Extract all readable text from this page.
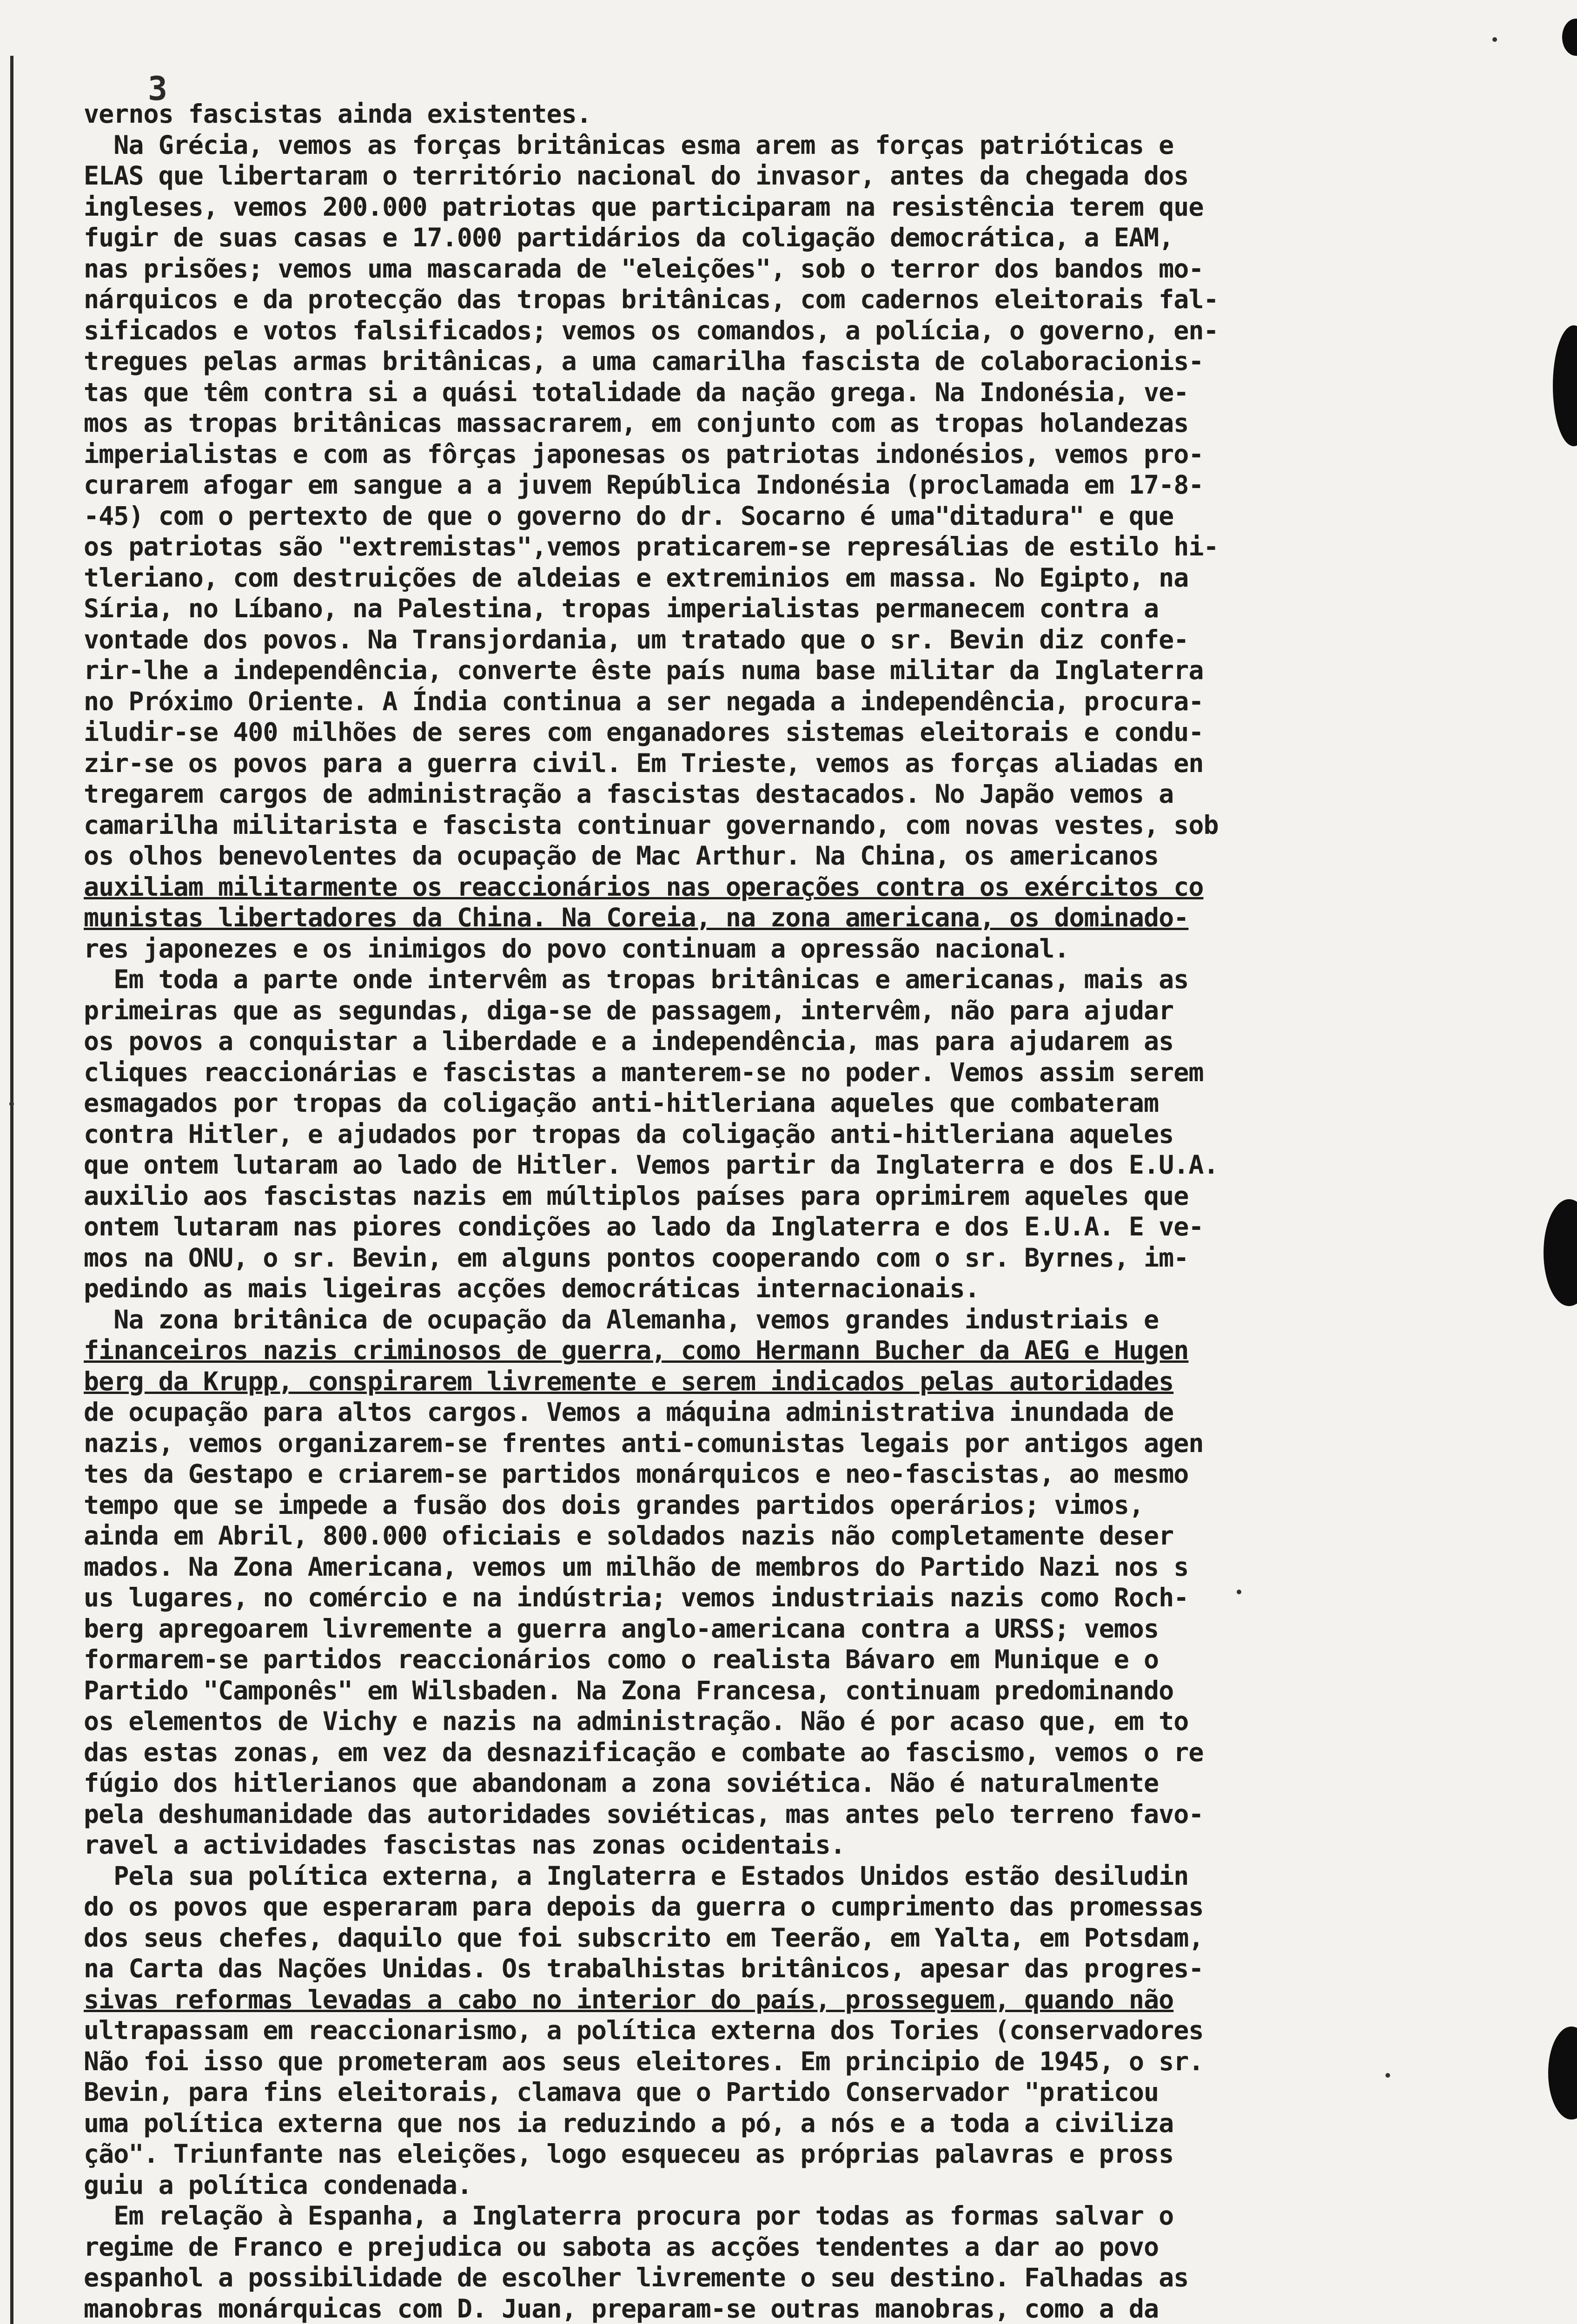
3
vernos fascistas ainda existentes.
Na Grécia, vemos as forças britânicas esma arem as forças patrióticas e
ELAS que libertaram o território nacional do invasor, antes da chegada dos
ingleses, vemos 200.000 patriotas que participaram na resistência terem que
fugir de suas casas e 17.000 partidários da coligação democrática, a EAM,
nas prisões; vemos uma mascarada de "eleições", sob o terror dos bandos mo-
nárquicos e da protecção das tropas britânicas, com cadernos eleitorais fal-
sificados e votos falsificados; vemos os comandos, a polícia, o governo, en-
tregues pelas armas britânicas, a uma camarilha fascista de colaboracionis-
tas que têm contra si a quási totalidade da nação grega. Na Indonésia, ve-
mos as tropas britânicas massacrarem, em conjunto com as tropas holandezas
imperialistas e com as fôrças japonesas os patriotas indonésios, vemos pro-
curarem afogar em sangue a a juvem República Indonésia (proclamada em 17-8-
-45) com o pertexto de que o governo do dr. Socarno é uma"ditadura" e que
os patriotas são "extremistas",vemos praticarem-se represálias de estilo hi-
tleriano, com destruições de aldeias e extreminios em massa. No Egipto, na
Síria, no Líbano, na Palestina, tropas imperialistas permanecem contra a
vontade dos povos. Na Transjordania, um tratado que o sr. Bevin diz confe-
rir-lhe a independência, converte êste país numa base militar da Inglaterra
no Próximo Oriente. A Índia continua a ser negada a independência, procura-
iludir-se 400 milhões de seres com enganadores sistemas eleitorais e condu-
zir-se os povos para a guerra civil. Em Trieste, vemos as forças aliadas en
tregarem cargos de administração a fascistas destacados. No Japão vemos a
camarilha militarista e fascista continuar governando, com novas vestes, sob
os olhos benevolentes da ocupação de Mac Arthur. Na China, os americanos
auxiliam militarmente os reaccionários nas operações contra os exércitos co
munistas libertadores da China. Na Coreia, na zona americana, os dominado-
res japonezes e os inimigos do povo continuam a opressão nacional.
Em toda a parte onde intervêm as tropas britânicas e americanas, mais as
primeiras que as segundas, diga-se de passagem, intervêm, não para ajudar
os povos a conquistar a liberdade e a independência, mas para ajudarem as
cliques reaccionárias e fascistas a manterem-se no poder. Vemos assim serem
esmagados por tropas da coligação anti-hitleriana aqueles que combateram
contra Hitler, e ajudados por tropas da coligação anti-hitleriana aqueles
que ontem lutaram ao lado de Hitler. Vemos partir da Inglaterra e dos E.U.A.
auxilio aos fascistas nazis em múltiplos países para oprimirem aqueles que
ontem lutaram nas piores condições ao lado da Inglaterra e dos E.U.A. E ve-
mos na ONU, o sr. Bevin, em alguns pontos cooperando com o sr. Byrnes, im-
pedindo as mais ligeiras acções democráticas internacionais.
Na zona britânica de ocupação da Alemanha, vemos grandes industriais e
financeiros nazis criminosos de guerra, como Hermann Bucher da AEG e Hugen
berg da Krupp, conspirarem livremente e serem indicados pelas autoridades
de ocupação para altos cargos. Vemos a máquina administrativa inundada de
nazis, vemos organizarem-se frentes anti-comunistas legais por antigos agen
tes da Gestapo e criarem-se partidos monárquicos e neo-fascistas, ao mesmo
tempo que se impede a fusão dos dois grandes partidos operários; vimos,
ainda em Abril, 800.000 oficiais e soldados nazis não completamente deser
mados. Na Zona Americana, vemos um milhão de membros do Partido Nazi nos s
us lugares, no comércio e na indústria; vemos industriais nazis como Roch-
berg apregoarem livremente a guerra anglo-americana contra a URSS; vemos
formarem-se partidos reaccionários como o realista Bávaro em Munique e o
Partido "Camponês" em Wilsbaden. Na Zona Francesa, continuam predominando
os elementos de Vichy e nazis na administração. Não é por acaso que, em to
das estas zonas, em vez da desnazificação e combate ao fascismo, vemos o re
fúgio dos hitlerianos que abandonam a zona soviética. Não é naturalmente
pela deshumanidade das autoridades soviéticas, mas antes pelo terreno favo-
ravel a actividades fascistas nas zonas ocidentais.
Pela sua política externa, a Inglaterra e Estados Unidos estão desiludin
do os povos que esperaram para depois da guerra o cumprimento das promessas
dos seus chefes, daquilo que foi subscrito em Teerão, em Yalta, em Potsdam,
na Carta das Nações Unidas. Os trabalhistas britânicos, apesar das progres-
sivas reformas levadas a cabo no interior do país, prosseguem, quando não
ultrapassam em reaccionarismo, a política externa dos Tories (conservadores
Não foi isso que prometeram aos seus eleitores. Em principio de 1945, o sr.
Bevin, para fins eleitorais, clamava que o Partido Conservador "praticou
uma política externa que nos ia reduzindo a pó, a nós e a toda a civiliza
ção". Triunfante nas eleições, logo esqueceu as próprias palavras e pross
guiu a política condenada.
Em relação à Espanha, a Inglaterra procura por todas as formas salvar o
regime de Franco e prejudica ou sabota as acções tendentes a dar ao povo
espanhol a possibilidade de escolher livremente o seu destino. Falhadas as
manobras monárquicas com D. Juan, preparam-se outras manobras, como a da
